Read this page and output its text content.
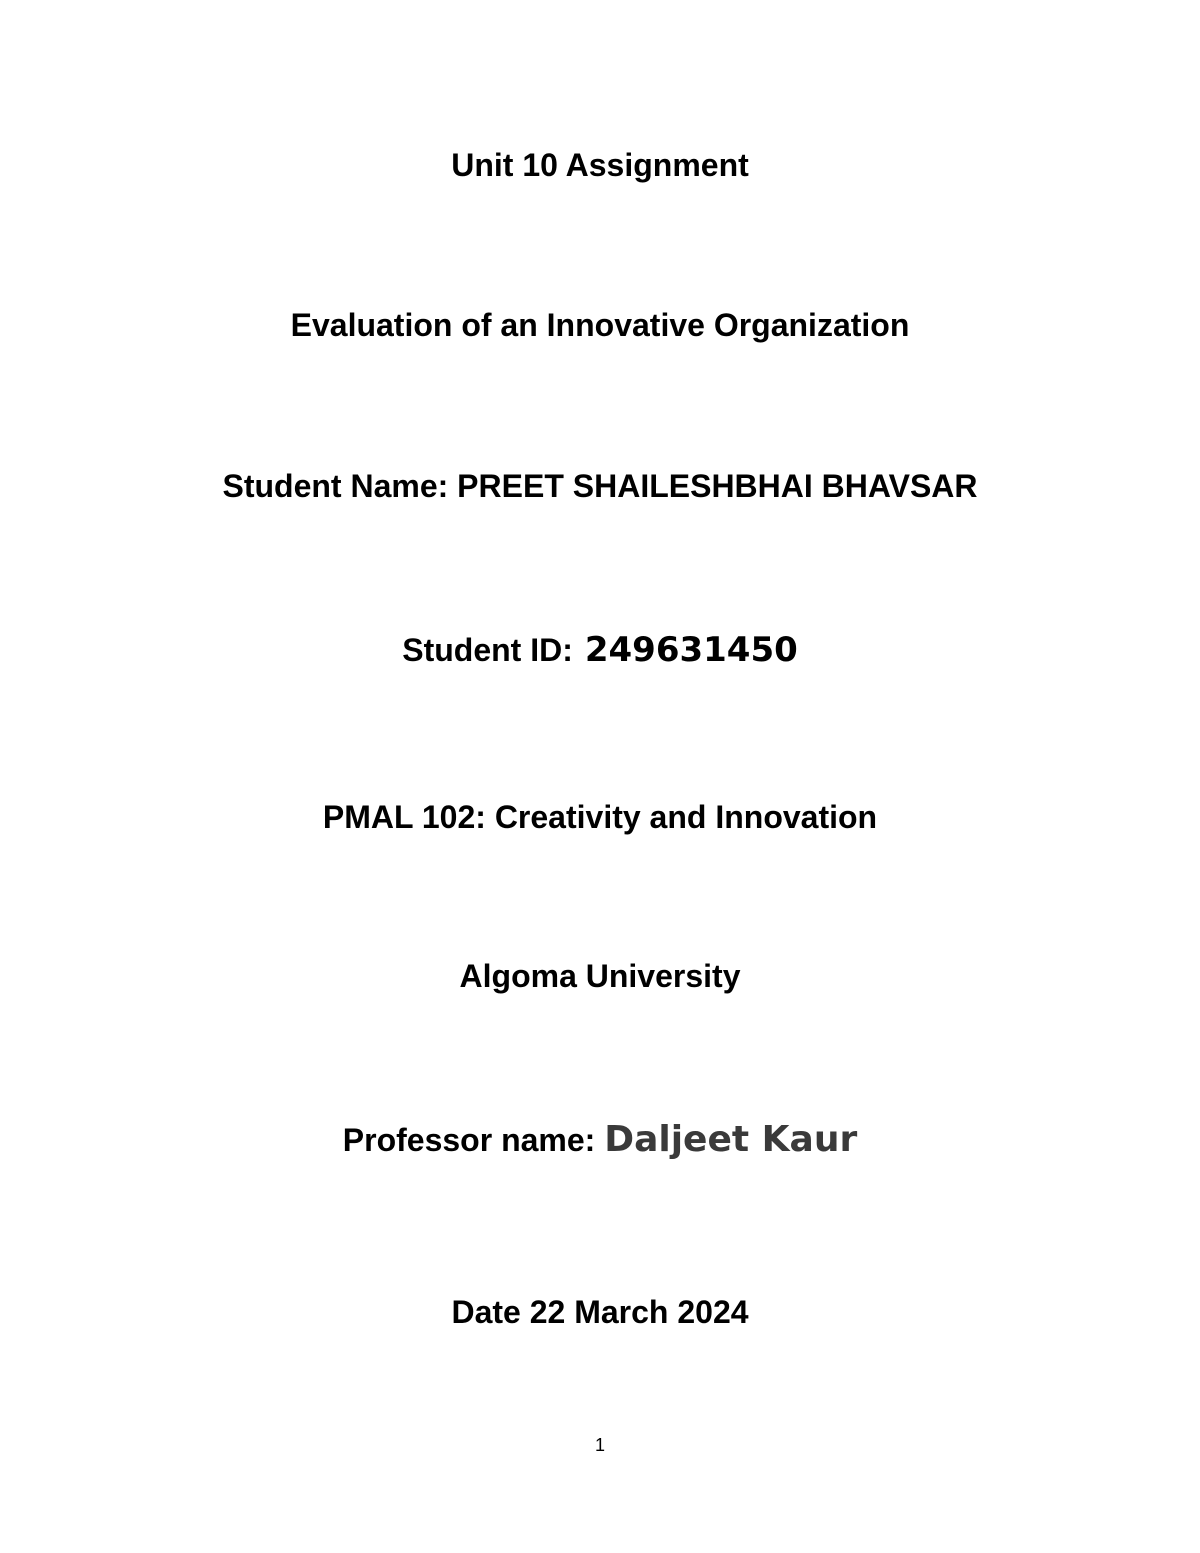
Unit 10 Assignment
Evaluation of an Innovative Organization
Student Name: PREET SHAILESHBHAI BHAVSAR
Student ID: 249631450
PMAL 102: Creativity and Innovation
Algoma University
Professor name: Daljeet Kaur
Date 22 March 2024
1
